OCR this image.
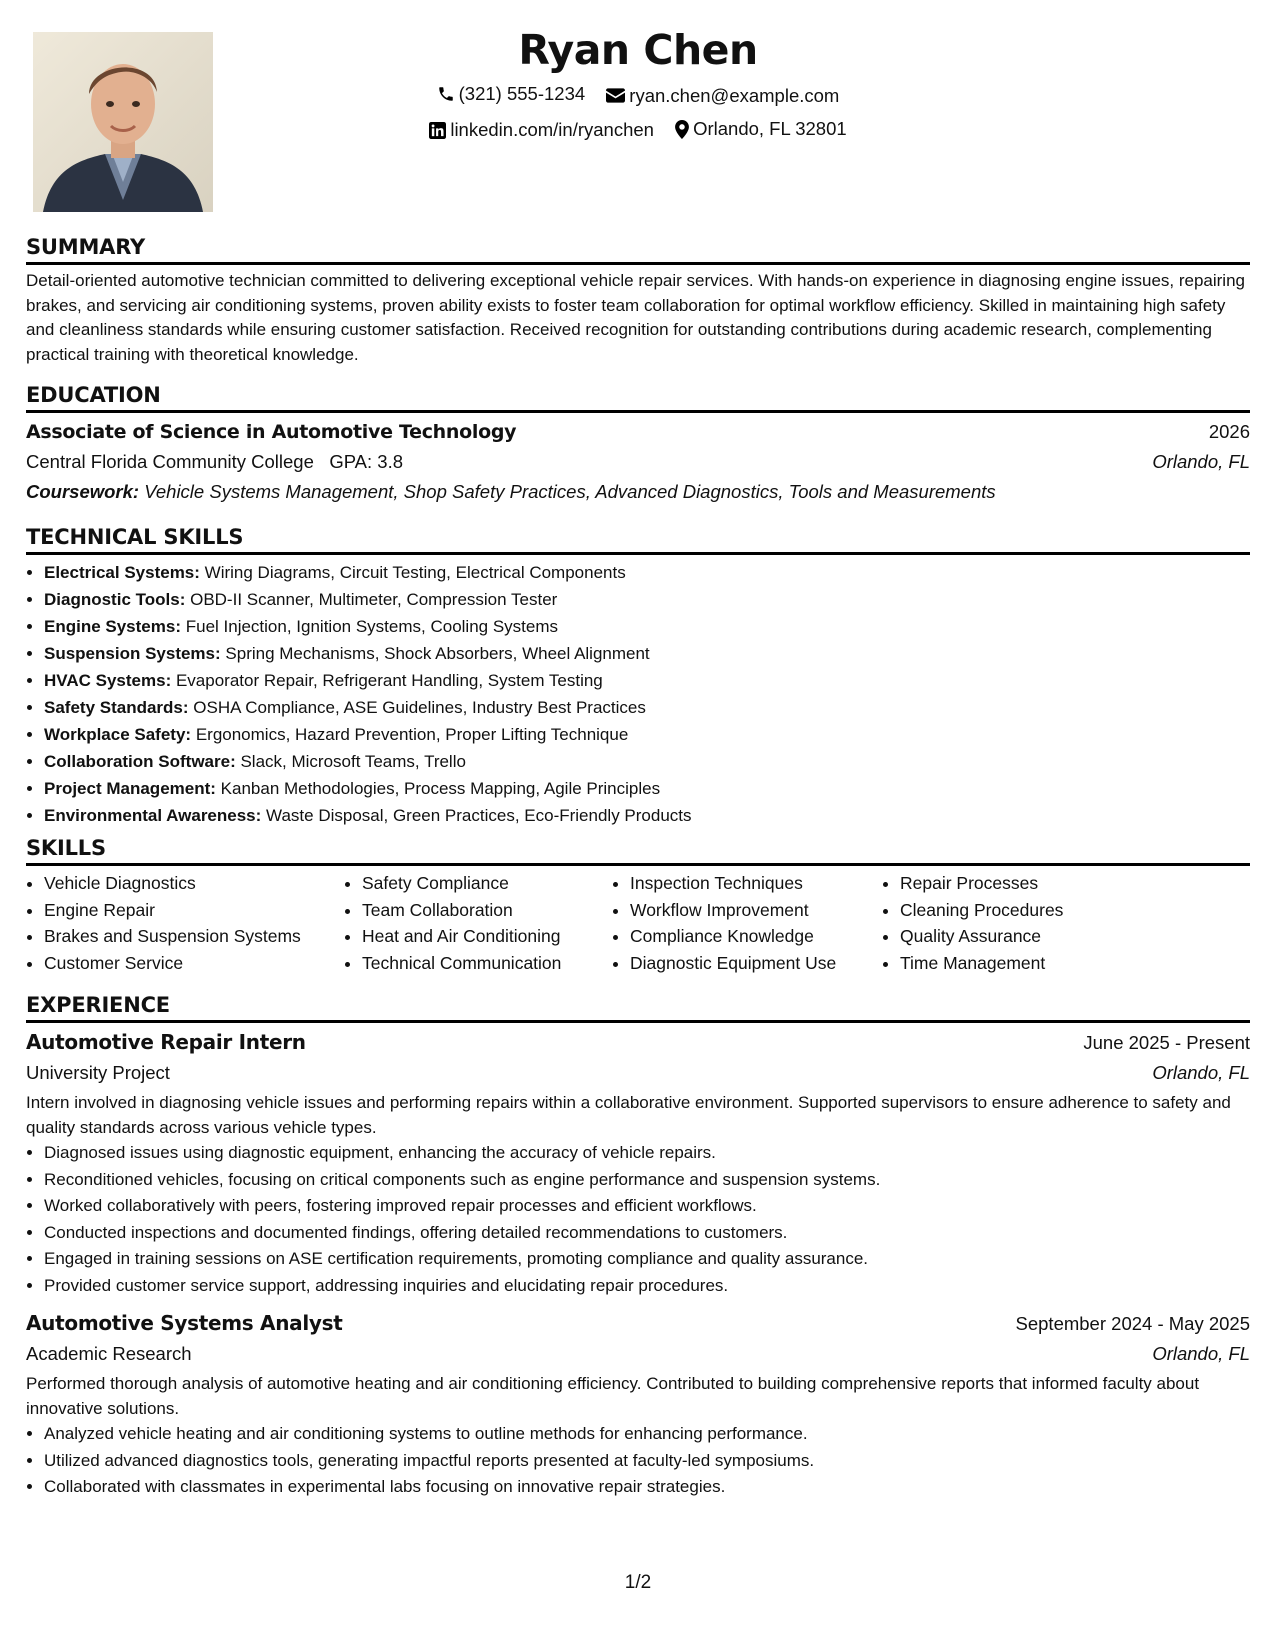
Ryan Chen
(321) 555-1234
ryan.chen@example.com
linkedin.com/in/ryanchen
Orlando, FL 32801
SUMMARY
Detail-oriented automotive technician committed to delivering exceptional vehicle repair services. With hands-on experience in diagnosing engine issues, repairing brakes, and servicing air conditioning systems, proven ability exists to foster team collaboration for optimal workflow efficiency. Skilled in maintaining high safety and cleanliness standards while ensuring customer satisfaction. Received recognition for outstanding contributions during academic research, complementing practical training with theoretical knowledge.
EDUCATION
Associate of Science in Automotive Technology	2026
Central Florida Community College GPA: 3.8	Orlando, FL
Coursework: Vehicle Systems Management, Shop Safety Practices, Advanced Diagnostics, Tools and Measurements
TECHNICAL SKILLS
• Electrical Systems: Wiring Diagrams, Circuit Testing, Electrical Components
• Diagnostic Tools: OBD-II Scanner, Multimeter, Compression Tester
• Engine Systems: Fuel Injection, Ignition Systems, Cooling Systems
• Suspension Systems: Spring Mechanisms, Shock Absorbers, Wheel Alignment
• HVAC Systems: Evaporator Repair, Refrigerant Handling, System Testing
• Safety Standards: OSHA Compliance, ASE Guidelines, Industry Best Practices
• Workplace Safety: Ergonomics, Hazard Prevention, Proper Lifting Technique
• Collaboration Software: Slack, Microsoft Teams, Trello
• Project Management: Kanban Methodologies, Process Mapping, Agile Principles
• Environmental Awareness: Waste Disposal, Green Practices, Eco-Friendly Products
SKILLS
• Vehicle Diagnostics
• Engine Repair
• Brakes and Suspension Systems
• Customer Service
• Safety Compliance
• Team Collaboration
• Heat and Air Conditioning
• Technical Communication
• Inspection Techniques
• Workflow Improvement
• Compliance Knowledge
• Diagnostic Equipment Use
• Repair Processes
• Cleaning Procedures
• Quality Assurance
• Time Management
EXPERIENCE
Automotive Repair Intern	June 2025 - Present
University Project	Orlando, FL
Intern involved in diagnosing vehicle issues and performing repairs within a collaborative environment. Supported supervisors to ensure adherence to safety and quality standards across various vehicle types.
• Diagnosed issues using diagnostic equipment, enhancing the accuracy of vehicle repairs.
• Reconditioned vehicles, focusing on critical components such as engine performance and suspension systems.
• Worked collaboratively with peers, fostering improved repair processes and efficient workflows.
• Conducted inspections and documented findings, offering detailed recommendations to customers.
• Engaged in training sessions on ASE certification requirements, promoting compliance and quality assurance.
• Provided customer service support, addressing inquiries and elucidating repair procedures.
Automotive Systems Analyst	September 2024 - May 2025
Academic Research	Orlando, FL
Performed thorough analysis of automotive heating and air conditioning efficiency. Contributed to building comprehensive reports that informed faculty about innovative solutions.
• Analyzed vehicle heating and air conditioning systems to outline methods for enhancing performance.
• Utilized advanced diagnostics tools, generating impactful reports presented at faculty-led symposiums.
• Collaborated with classmates in experimental labs focusing on innovative repair strategies.
1/2
